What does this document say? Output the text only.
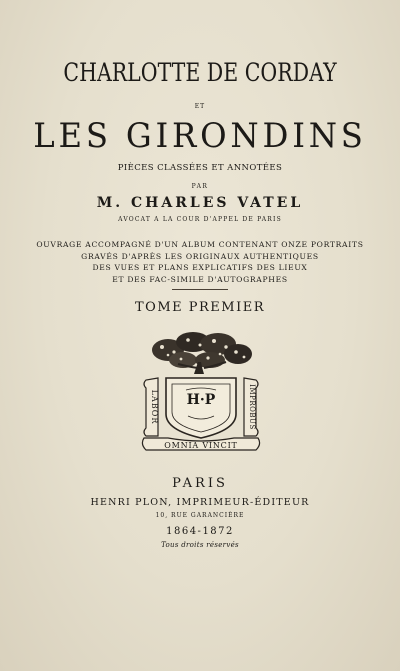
CHARLOTTE DE CORDAY
ET
LES GIRONDINS
PIÈCES CLASSÉES ET ANNOTÉES
PAR
M. CHARLES VATEL
AVOCAT A LA COUR D'APPEL DE PARIS
OUVRAGE ACCOMPAGNÉ D'UN ALBUM CONTENANT ONZE PORTRAITS
GRAVÉS D'APRÈS LES ORIGINAUX AUTHENTIQUES
DES VUES ET PLANS EXPLICATIFS DES LIEUX
ET DES FAC-SIMILE D'AUTOGRAPHES
TOME PREMIER
LABOR	IMPROBUS
H·P
OMNIA VINCIT
PARIS
HENRI PLON, IMPRIMEUR-ÉDITEUR
10, RUE GARANCIÈRE
1864-1872
Tous droits réservés
